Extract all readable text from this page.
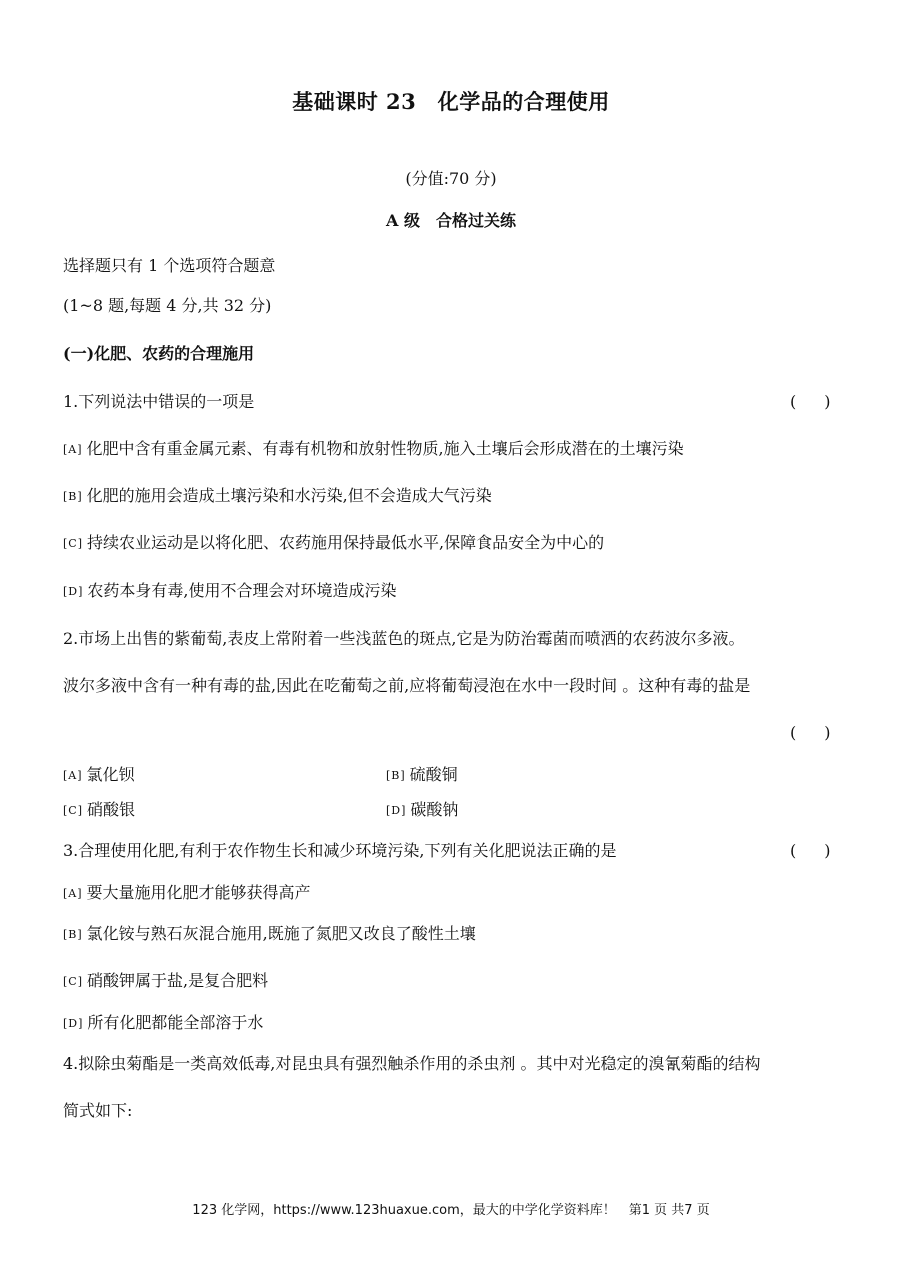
基础课时 23　化学品的合理使用
(分值:70 分)
A 级　合格过关练
选择题只有 1 个选项符合题意
(1~8 题,每题 4 分,共 32 分)
(一)化肥、农药的合理施用
1.下列说法中错误的一项是	(　)
[A] 化肥中含有重金属元素、有毒有机物和放射性物质,施入土壤后会形成潜在的土壤污染
[B] 化肥的施用会造成土壤污染和水污染,但不会造成大气污染
[C] 持续农业运动是以将化肥、农药施用保持最低水平,保障食品安全为中心的
[D] 农药本身有毒,使用不合理会对环境造成污染
2.市场上出售的紫葡萄,表皮上常附着一些浅蓝色的斑点,它是为防治霉菌而喷洒的农药波尔多液。
波尔多液中含有一种有毒的盐,因此在吃葡萄之前,应将葡萄浸泡在水中一段时间 。这种有毒的盐是
(　)
[A] 氯化钡	[B] 硫酸铜
[C] 硝酸银	[D] 碳酸钠
3.合理使用化肥,有利于农作物生长和减少环境污染,下列有关化肥说法正确的是	(　)
[A] 要大量施用化肥才能够获得高产
[B] 氯化铵与熟石灰混合施用,既施了氮肥又改良了酸性土壤
[C] 硝酸钾属于盐,是复合肥料
[D] 所有化肥都能全部溶于水
4.拟除虫菊酯是一类高效低毒,对昆虫具有强烈触杀作用的杀虫剂 。其中对光稳定的溴氰菊酯的结构
简式如下:
123 化学网，https://www.123huaxue.com，最大的中学化学资料库！　第1 页 共7 页
